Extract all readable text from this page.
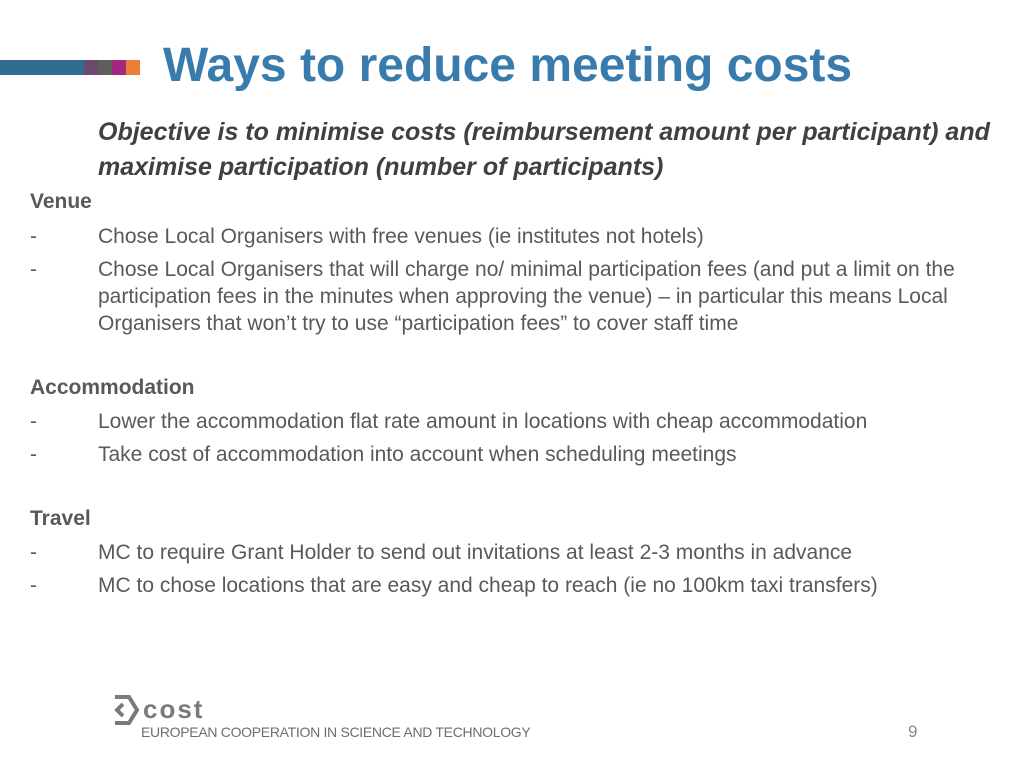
Ways to reduce meeting costs
Objective is to minimise costs (reimbursement amount per participant) and maximise participation (number of participants)
Venue
-	Chose Local Organisers with free venues (ie institutes not hotels)
-	Chose Local Organisers that will charge no/ minimal participation fees (and put a limit on the participation fees in the minutes when approving the venue) – in particular this means Local Organisers that won’t try to use “participation fees” to cover staff time
Accommodation
-	Lower the accommodation flat rate amount in locations with cheap accommodation
-	Take cost of accommodation into account when scheduling meetings
Travel
-	MC to require Grant Holder to send out invitations at least 2-3 months in advance
-	MC to chose locations that are easy and cheap to reach (ie no 100km taxi transfers)
cost
EUROPEAN COOPERATION IN SCIENCE AND TECHNOLOGY	9
